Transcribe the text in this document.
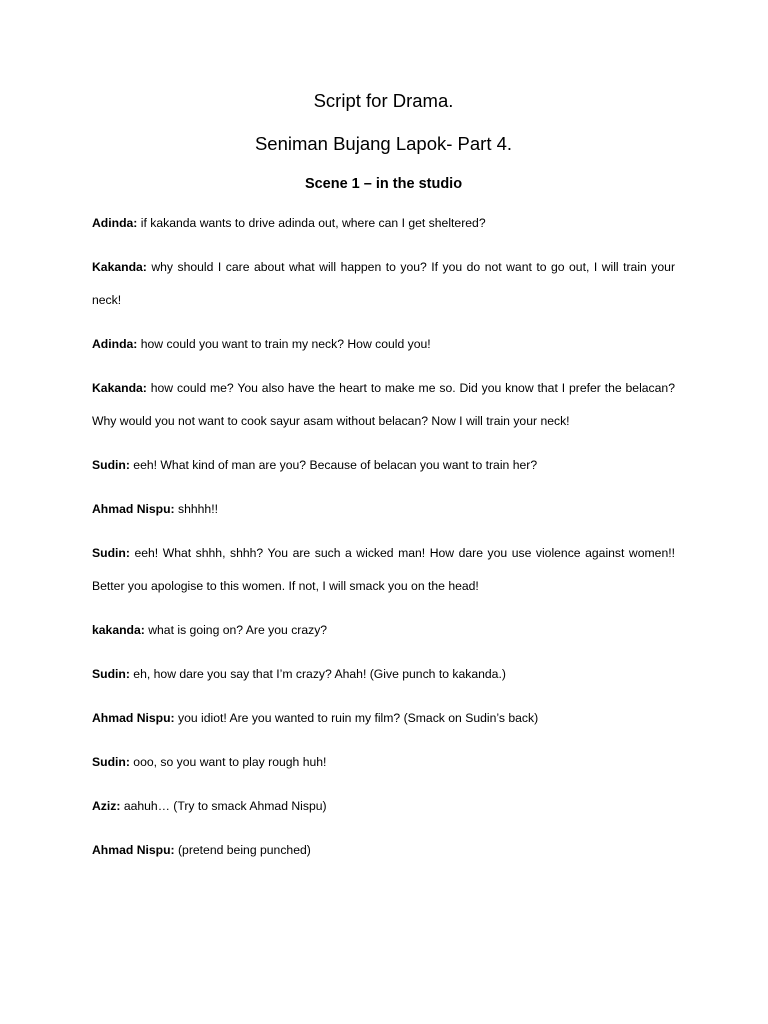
Script for Drama.
Seniman Bujang Lapok- Part 4.
Scene 1 – in the studio
Adinda: if kakanda wants to drive adinda out, where can I get sheltered?
Kakanda: why should I care about what will happen to you? If you do not want to go out, I will train your neck!
Adinda: how could you want to train my neck? How could you!
Kakanda: how could me? You also have the heart to make me so. Did you know that I prefer the belacan? Why would you not want to cook sayur asam without belacan? Now I will train your neck!
Sudin: eeh! What kind of man are you? Because of belacan you want to train her?
Ahmad Nispu: shhhh!!
Sudin: eeh! What shhh, shhh? You are such a wicked man! How dare you use violence against women!! Better you apologise to this women. If not, I will smack you on the head!
kakanda: what is going on? Are you crazy?
Sudin: eh, how dare you say that I’m crazy? Ahah! (Give punch to kakanda.)
Ahmad Nispu: you idiot! Are you wanted to ruin my film? (Smack on Sudin’s back)
Sudin: ooo, so you want to play rough huh!
Aziz: aahuh… (Try to smack Ahmad Nispu)
Ahmad Nispu: (pretend being punched)
